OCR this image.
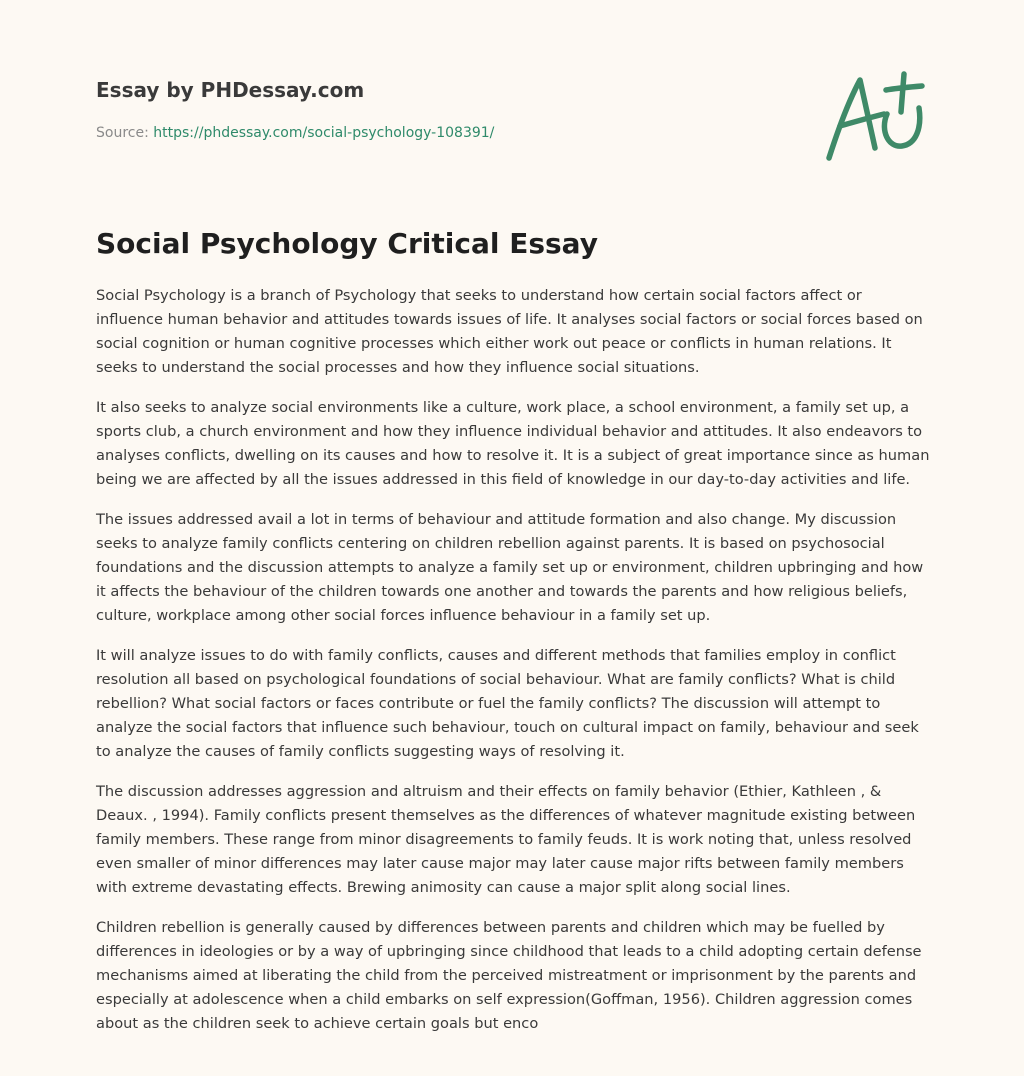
Essay by PHDessay.com
Source: https://phdessay.com/social-psychology-108391/
Social Psychology Critical Essay

Social Psychology is a branch of Psychology that seeks to understand how certain social factors affect or influence human behavior and attitudes towards issues of life. It analyses social factors or social forces based on social cognition or human cognitive processes which either work out peace or conflicts in human relations. It seeks to understand the social processes and how they influence social situations.

It also seeks to analyze social environments like a culture, work place, a school environment, a family set up, a sports club, a church environment and how they influence individual behavior and attitudes. It also endeavors to analyses conflicts, dwelling on its causes and how to resolve it. It is a subject of great importance since as human being we are affected by all the issues addressed in this field of knowledge in our day-to-day activities and life.

The issues addressed avail a lot in terms of behaviour and attitude formation and also change. My discussion seeks to analyze family conflicts centering on children rebellion against parents. It is based on psychosocial foundations and the discussion attempts to analyze a family set up or environment, children upbringing and how it affects the behaviour of the children towards one another and towards the parents and how religious beliefs, culture, workplace among other social forces influence behaviour in a family set up.

It will analyze issues to do with family conflicts, causes and different methods that families employ in conflict resolution all based on psychological foundations of social behaviour. What are family conflicts? What is child rebellion? What social factors or faces contribute or fuel the family conflicts? The discussion will attempt to analyze the social factors that influence such behaviour, touch on cultural impact on family, behaviour and seek to analyze the causes of family conflicts suggesting ways of resolving it.

The discussion addresses aggression and altruism and their effects on family behavior (Ethier, Kathleen , & Deaux. , 1994). Family conflicts present themselves as the differences of whatever magnitude existing between family members. These range from minor disagreements to family feuds. It is work noting that, unless resolved even smaller of minor differences may later cause major may later cause major rifts between family members with extreme devastating effects. Brewing animosity can cause a major split along social lines.

Children rebellion is generally caused by differences between parents and children which may be fuelled by differences in ideologies or by a way of upbringing since childhood that leads to a child adopting certain defense mechanisms aimed at liberating the child from the perceived mistreatment or imprisonment by the parents and especially at adolescence when a child embarks on self expression(Goffman, 1956). Children aggression comes about as the children seek to achieve certain goals but enco
